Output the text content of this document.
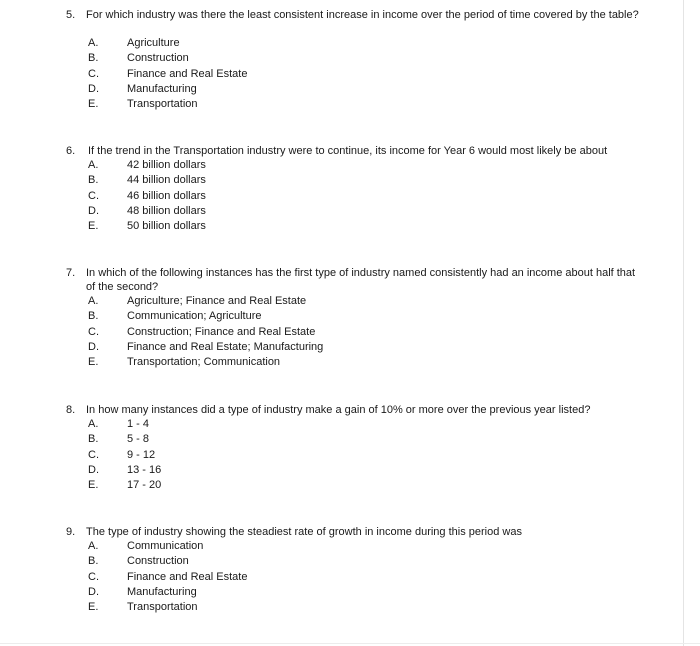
5. For which industry was there the least consistent increase in income over the period of time covered by the table?
A.	Agriculture
B.	Construction
C.	Finance and Real Estate
D.	Manufacturing
E.	Transportation
6. If the trend in the Transportation industry were to continue, its income for Year 6 would most likely be about
A.	42 billion dollars
B.	44 billion dollars
C.	46 billion dollars
D.	48 billion dollars
E.	50 billion dollars
7. In which of the following instances has the first type of industry named consistently had an income about half that of the second?
A.	Agriculture; Finance and Real Estate
B.	Communication; Agriculture
C.	Construction; Finance and Real Estate
D.	Finance and Real Estate; Manufacturing
E.	Transportation; Communication
8. In how many instances did a type of industry make a gain of 10% or more over the previous year listed?
A.	1 - 4
B.	5 - 8
C.	9 - 12
D.	13 - 16
E.	17 - 20
9. The type of industry showing the steadiest rate of growth in income during this period was
A.	Communication
B.	Construction
C.	Finance and Real Estate
D.	Manufacturing
E.	Transportation
